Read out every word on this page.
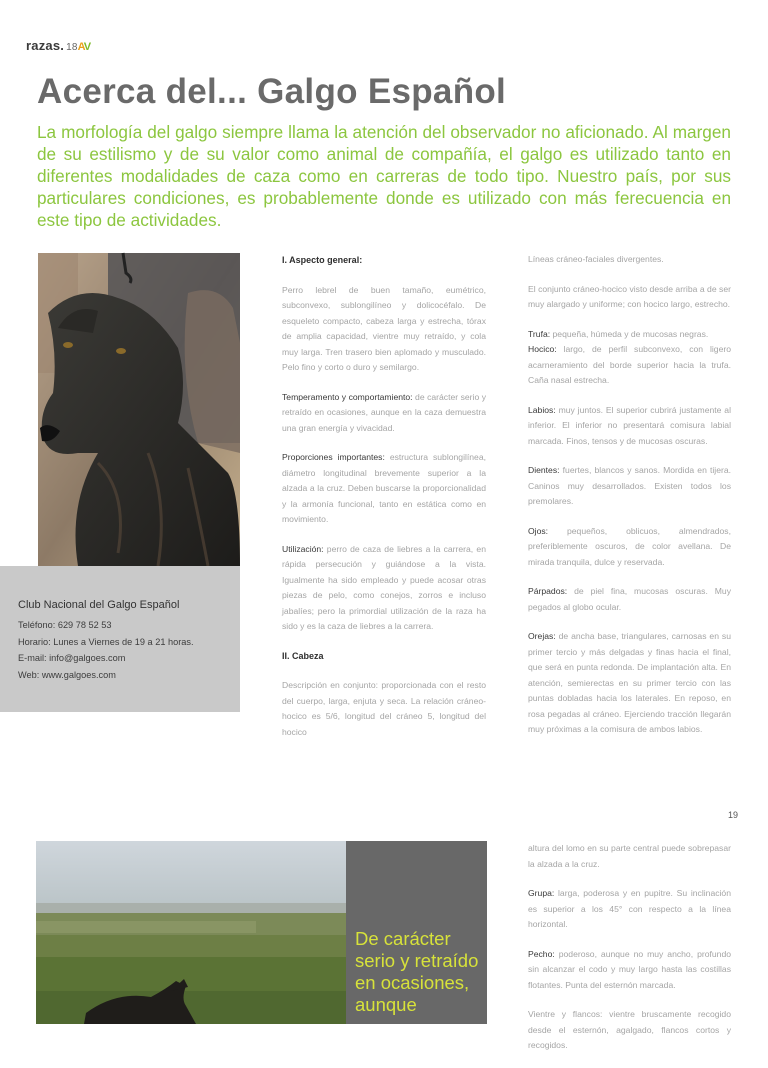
razas. 18AV
Acerca del... Galgo Español

La morfología del galgo siempre llama la atención del observador no aficionado. Al margen de su estilismo y de su valor como animal de compañía, el galgo es utilizado tanto en diferentes modalidades de caza como en carreras de todo tipo. Nuestro país, por sus particulares condiciones, es probablemente donde es utilizado con más ferecuencia en este tipo de actividades.

Club Nacional del Galgo Español
Teléfono: 629 78 52 53
Horario: Lunes a Viernes de 19 a 21 horas.
E-mail: info@galgoes.com
Web: www.galgoes.com

I. Aspecto general:

Perro lebrel de buen tamaño, eumétrico, subconvexo, sublongilíneo y dolicocéfalo. De esqueleto compacto, cabeza larga y estrecha, tórax de amplia capacidad, vientre muy retraído, y cola muy larga. Tren trasero bien aplomado y musculado. Pelo fino y corto o duro y semilargo.

Temperamento y comportamiento: de carácter serio y retraído en ocasiones, aunque en la caza demuestra una gran energía y vivacidad.

Proporciones importantes: estructura sublongilínea, diámetro longitudinal brevemente superior a la alzada a la cruz. Deben buscarse la proporcionalidad y la armonía funcional, tanto en estática como en movimiento.

Utilización: perro de caza de liebres a la carrera, en rápida persecución y guiándose a la vista. Igualmente ha sido empleado y puede acosar otras piezas de pelo, como conejos, zorros e incluso jabalíes; pero la primordial utilización de la raza ha sido y es la caza de liebres a la carrera.

II. Cabeza

Descripción en conjunto: proporcionada con el resto del cuerpo, larga, enjuta y seca. La relación cráneo-hocico es 5/6, longitud del cráneo 5, longitud del hocico

Líneas cráneo-faciales divergentes.

El conjunto cráneo-hocico visto desde arriba a de ser muy alargado y uniforme; con hocico largo, estrecho.

Trufa: pequeña, húmeda y de mucosas negras.
Hocico: largo, de perfil subconvexo, con ligero acarneramiento del borde superior hacia la trufa. Caña nasal estrecha.

Labios: muy juntos. El superior cubrirá justamente al inferior. El inferior no presentará comisura labial marcada. Finos, tensos y de mucosas oscuras.

Dientes: fuertes, blancos y sanos. Mordida en tijera. Caninos muy desarrollados. Existen todos los premolares.

Ojos: pequeños, oblicuos, almendrados, preferiblemente oscuros, de color avellana. De mirada tranquila, dulce y reservada.

Párpados: de piel fina, mucosas oscuras. Muy pegados al globo ocular.

Orejas: de ancha base, triangulares, carnosas en su primer tercio y más delgadas y finas hacia el final, que será en punta redonda. De implantación alta. En atención, semierectas en su primer tercio con las puntas dobladas hacia los laterales. En reposo, en rosa pegadas al cráneo. Ejerciendo tracción llegarán muy próximas a la comisura de ambos labios.

19
De carácter serio y retraído en ocasiones, aunque

altura del lomo en su parte central puede sobrepasar la alzada a la cruz.

Grupa: larga, poderosa y en pupitre. Su inclinación es superior a los 45° con respecto a la línea horizontal.

Pecho: poderoso, aunque no muy ancho, profundo sin alcanzar el codo y muy largo hasta las costillas flotantes. Punta del esternón marcada.

Vientre y flancos: vientre bruscamente recogido desde el esternón, agalgado, flancos cortos y recogidos.
